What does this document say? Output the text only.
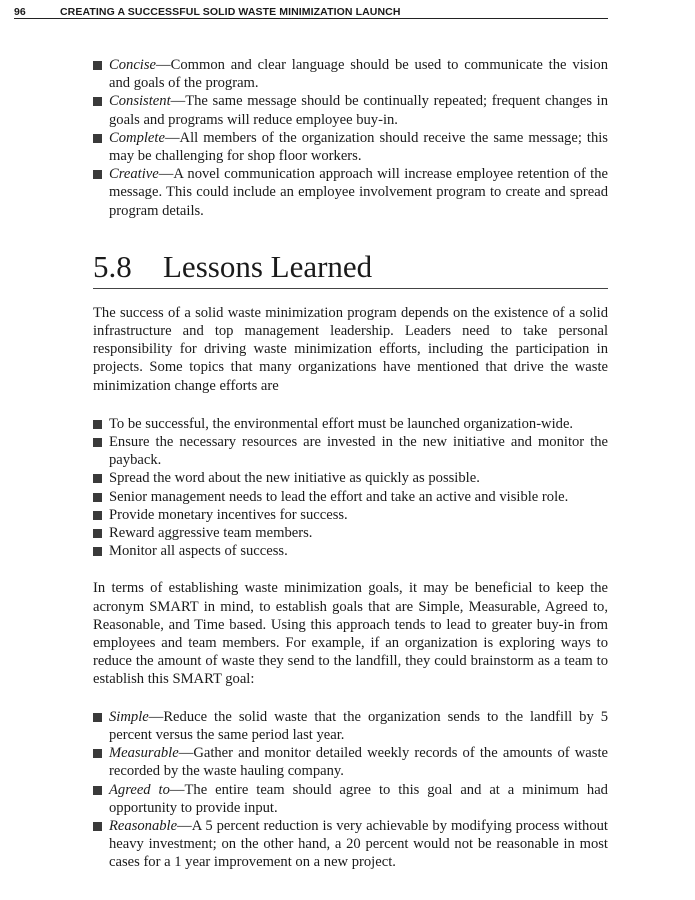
96	CREATING A SUCCESSFUL SOLID WASTE MINIMIZATION LAUNCH
Concise—Common and clear language should be used to communicate the vision and goals of the program.
Consistent—The same message should be continually repeated; frequent changes in goals and programs will reduce employee buy-in.
Complete—All members of the organization should receive the same message; this may be challenging for shop floor workers.
Creative—A novel communication approach will increase employee retention of the message. This could include an employee involvement program to create and spread program details.
5.8 Lessons Learned

The success of a solid waste minimization program depends on the existence of a solid infrastructure and top management leadership. Leaders need to take personal responsibility for driving waste minimization efforts, including the participation in projects. Some topics that many organizations have mentioned that drive the waste minimization change efforts are

To be successful, the environmental effort must be launched organization-wide.
Ensure the necessary resources are invested in the new initiative and monitor the payback.
Spread the word about the new initiative as quickly as possible.
Senior management needs to lead the effort and take an active and visible role.
Provide monetary incentives for success.
Reward aggressive team members.
Monitor all aspects of success.

In terms of establishing waste minimization goals, it may be beneficial to keep the acronym SMART in mind, to establish goals that are Simple, Measurable, Agreed to, Reasonable, and Time based. Using this approach tends to lead to greater buy-in from employees and team members. For example, if an organization is exploring ways to reduce the amount of waste they send to the landfill, they could brainstorm as a team to establish this SMART goal:

Simple—Reduce the solid waste that the organization sends to the landfill by 5 percent versus the same period last year.
Measurable—Gather and monitor detailed weekly records of the amounts of waste recorded by the waste hauling company.
Agreed to—The entire team should agree to this goal and at a minimum had opportunity to provide input.
Reasonable—A 5 percent reduction is very achievable by modifying process without heavy investment; on the other hand, a 20 percent would not be reasonable in most cases for a 1 year improvement on a new project.
